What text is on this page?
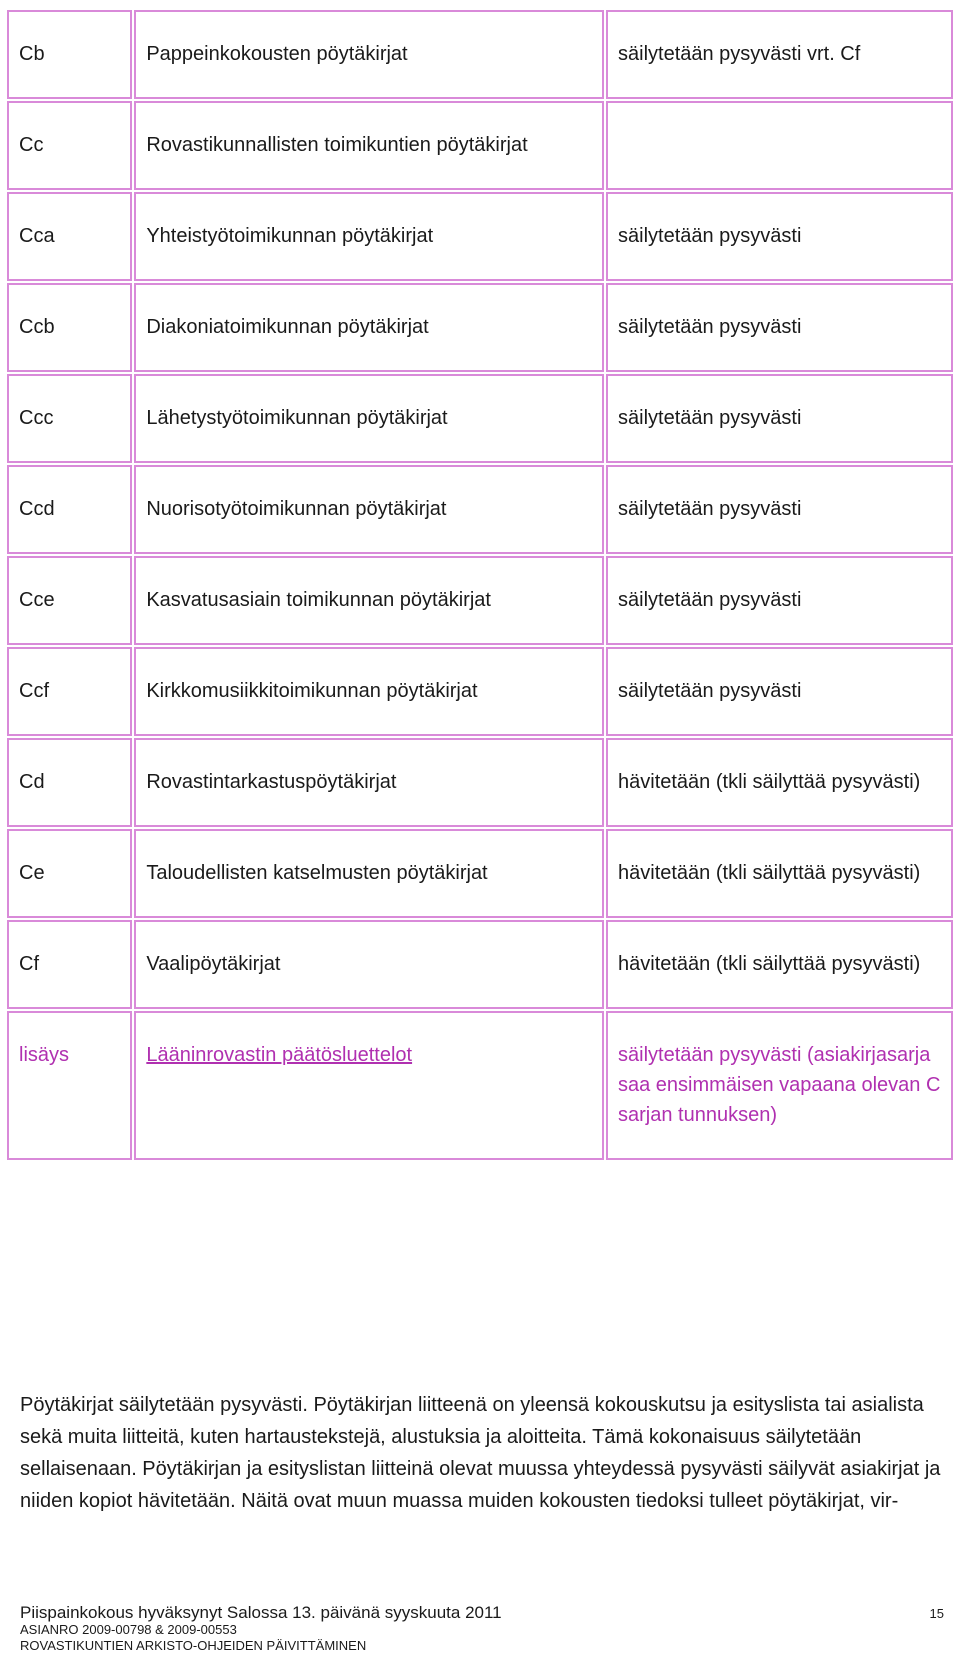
Cb	Pappeinkokousten pöytäkirjat	säilytetään pysyvästi vrt. Cf
Cc	Rovastikunnallisten toimikuntien pöytäkirjat	
Cca	Yhteistyötoimikunnan pöytäkirjat	säilytetään pysyvästi
Ccb	Diakoniatoimikunnan pöytäkirjat	säilytetään pysyvästi
Ccc	Lähetystyötoimikunnan pöytäkirjat	säilytetään pysyvästi
Ccd	Nuorisotyötoimikunnan pöytäkirjat	säilytetään pysyvästi
Cce	Kasvatusasiain toimikunnan pöytäkirjat	säilytetään pysyvästi
Ccf	Kirkkomusiikkitoimikunnan pöytäkirjat	säilytetään pysyvästi
Cd	Rovastintarkastuspöytäkirjat	hävitetään (tkli säilyttää pysyvästi)
Ce	Taloudellisten katselmusten pöytäkirjat	hävitetään (tkli säilyttää pysyvästi)
Cf	Vaalipöytäkirjat	hävitetään (tkli säilyttää pysyvästi)
lisäys	Lääninrovastin päätösluettelot	säilytetään pysyvästi (asiakirjasarja saa ensimmäisen vapaana olevan C sarjan tunnuksen)

Pöytäkirjat säilytetään pysyvästi. Pöytäkirjan liitteenä on yleensä kokouskutsu ja esityslista tai asialista sekä muita liitteitä, kuten hartaustekstejä, alustuksia ja aloitteita. Tämä kokonaisuus säilytetään sellaisenaan. Pöytäkirjan ja esityslistan liitteinä olevat muussa yhteydessä pysyvästi säilyvät asiakirjat ja niiden kopiot hävitetään. Näitä ovat muun muassa muiden kokousten tiedoksi tulleet pöytäkirjat, vir-

Piispainkokous hyväksynyt Salossa 13. päivänä syyskuuta 2011
ASIANRO 2009-00798 & 2009-00553
ROVASTIKUNTIEN ARKISTO-OHJEIDEN PÄIVITTÄMINEN
15
